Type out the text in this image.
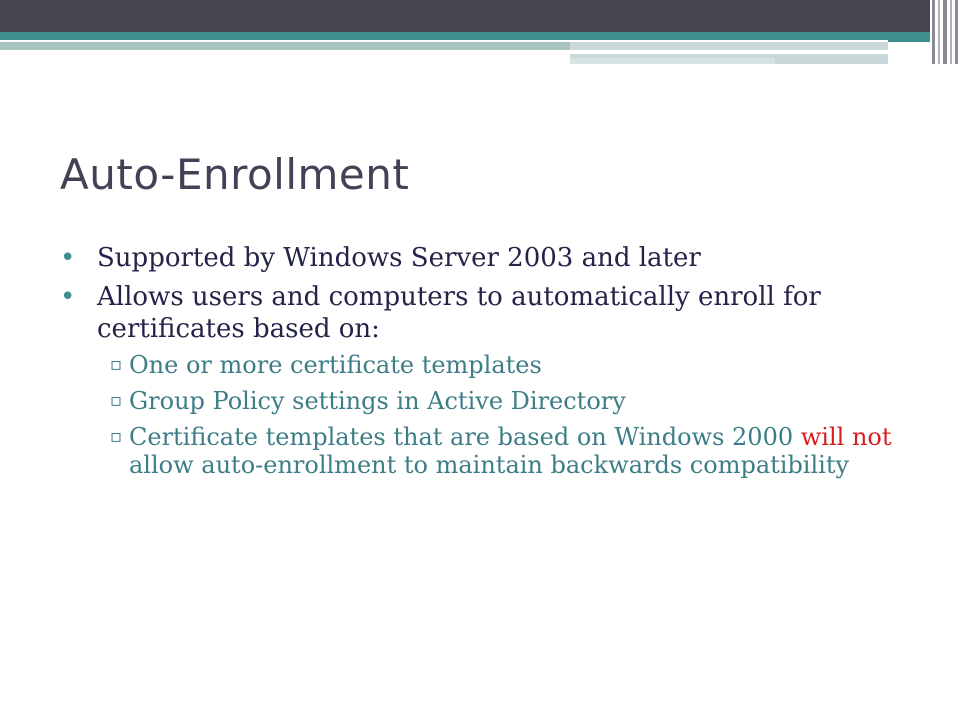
Auto-Enrollment
• Supported by Windows Server 2003 and later
• Allows users and computers to automatically enroll for certificates based on:
▫ One or more certificate templates
▫ Group Policy settings in Active Directory
▫ Certificate templates that are based on Windows 2000 will not allow auto-enrollment to maintain backwards compatibility
